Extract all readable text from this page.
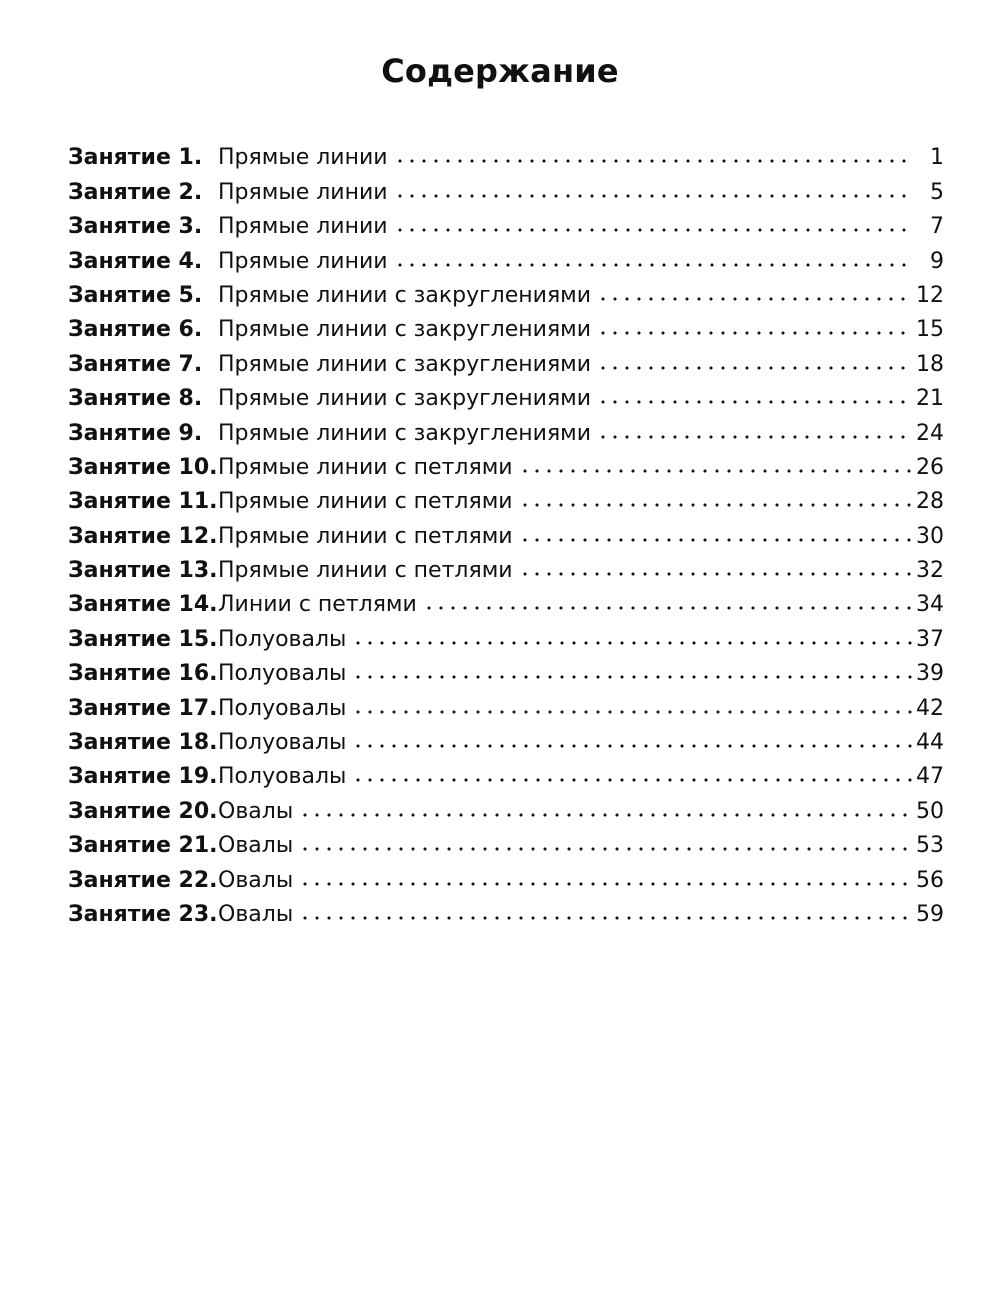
Содержание
Занятие 1. Прямые линии	1
Занятие 2. Прямые линии	5
Занятие 3. Прямые линии	7
Занятие 4. Прямые линии	9
Занятие 5. Прямые линии с закруглениями	12
Занятие 6. Прямые линии с закруглениями	15
Занятие 7. Прямые линии с закруглениями	18
Занятие 8. Прямые линии с закруглениями	21
Занятие 9. Прямые линии с закруглениями	24
Занятие 10. Прямые линии с петлями	26
Занятие 11. Прямые линии с петлями	28
Занятие 12. Прямые линии с петлями	30
Занятие 13. Прямые линии с петлями	32
Занятие 14. Линии с петлями	34
Занятие 15. Полуовалы	37
Занятие 16. Полуовалы	39
Занятие 17. Полуовалы	42
Занятие 18. Полуовалы	44
Занятие 19. Полуовалы	47
Занятие 20. Овалы	50
Занятие 21. Овалы	53
Занятие 22. Овалы	56
Занятие 23. Овалы	59
